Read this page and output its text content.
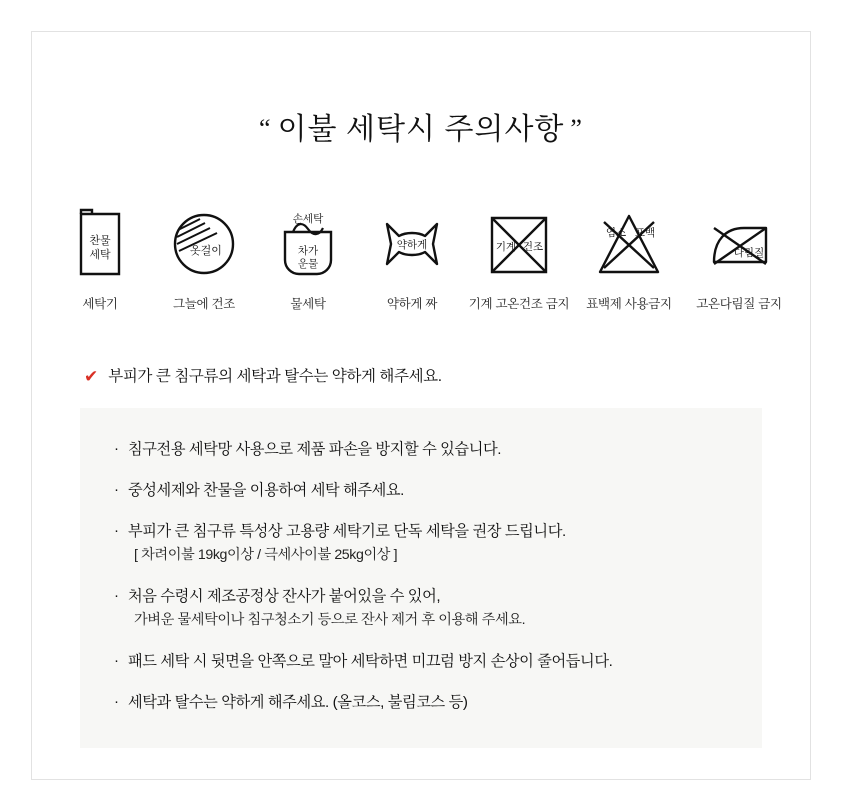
“ 이불 세탁시 주의사항 ”
찬물
세탁
세탁기
옷걸이
그늘에 건조
손세탁
차가
운물
물세탁
약하게
약하게 짜
기계 건조
기계 고온건조 금지
염소 표백
표백제 사용금지
다림질
고온다림질 금지
✔ 부피가 큰 침구류의 세탁과 탈수는 약하게 해주세요.
· 침구전용 세탁망 사용으로 제품 파손을 방지할 수 있습니다.
· 중성세제와 찬물을 이용하여 세탁 해주세요.
· 부피가 큰 침구류 특성상 고용량 세탁기로 단독 세탁을 권장 드립니다.
[ 차려이불 19kg이상 / 극세사이불 25kg이상 ]
· 처음 수령시 제조공정상 잔사가 붙어있을 수 있어,
가벼운 물세탁이나 침구청소기 등으로 잔사 제거 후 이용해 주세요.
· 패드 세탁 시 뒷면을 안쪽으로 말아 세탁하면 미끄럼 방지 손상이 줄어듭니다.
· 세탁과 탈수는 약하게 해주세요. (올코스, 불림코스 등)
